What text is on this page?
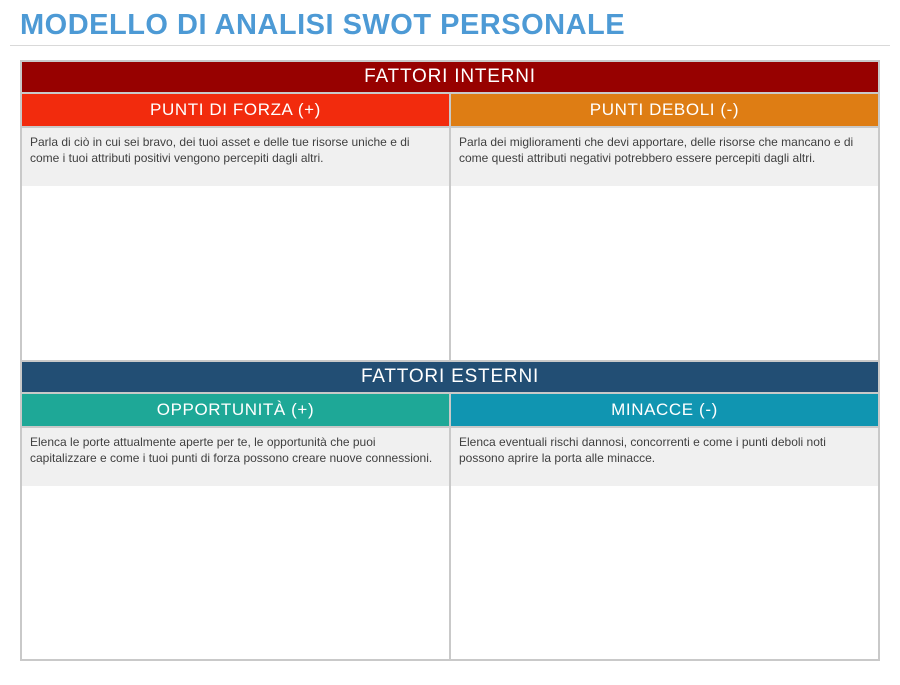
MODELLO DI ANALISI SWOT PERSONALE
FATTORI INTERNI
PUNTI DI FORZA (+)	PUNTI DEBOLI (-)
Parla di ciò in cui sei bravo, dei tuoi asset e delle tue risorse uniche e di come i tuoi attributi positivi vengono percepiti dagli altri.
Parla dei miglioramenti che devi apportare, delle risorse che mancano e di come questi attributi negativi potrebbero essere percepiti dagli altri.
FATTORI ESTERNI
OPPORTUNITÀ (+)	MINACCE (-)
Elenca le porte attualmente aperte per te, le opportunità che puoi capitalizzare e come i tuoi punti di forza possono creare nuove connessioni.
Elenca eventuali rischi dannosi, concorrenti e come i punti deboli noti possono aprire la porta alle minacce.
